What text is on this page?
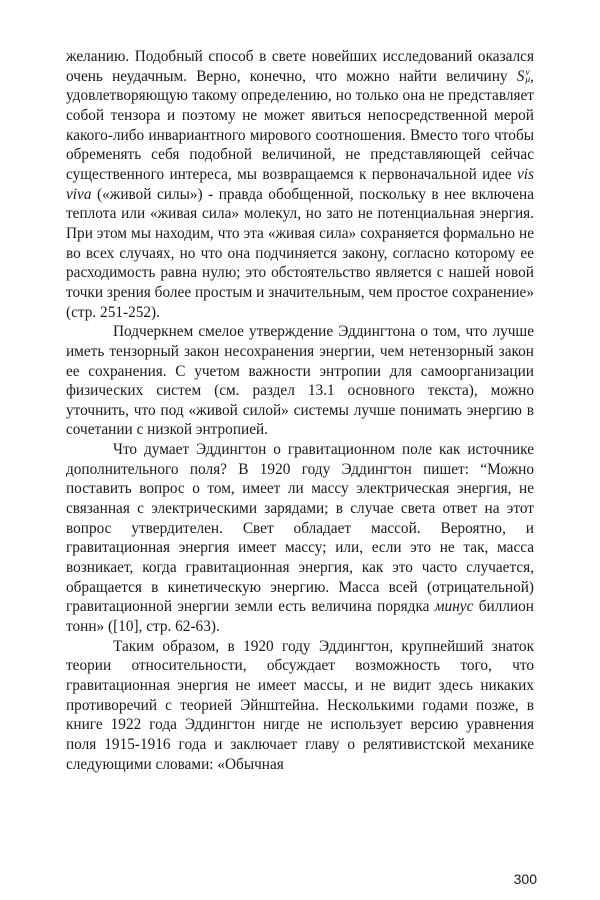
желанию. Подобный способ в свете новейших исследований оказался очень неудачным. Верно, конечно, что можно найти величину S ν
μ , удовлетворяющую такому определению, но только она не представляет собой тензора и поэтому не может явиться непосредственной мерой какого-либо инвариантного мирового соотношения. Вместо того чтобы обременять себя подобной величиной, не представляющей сейчас существенного интереса, мы возвращаемся к первоначальной идее vis viva («живой силы») - правда обобщенной, поскольку в нее включена теплота или «живая сила» молекул, но зато не потенциальная энергия. При этом мы находим, что эта «живая сила» сохраняется формально не во всех случаях, но что она подчиняется закону, согласно которому ее расходимость равна нулю; это обстоятельство является с нашей новой точки зрения более простым и значительным, чем простое сохранение» (стр. 251-252).

Подчеркнем смелое утверждение Эддингтона о том, что лучше иметь тензорный закон несохранения энергии, чем нетензорный закон ее сохранения. С учетом важности энтропии для самоорганизации физических систем (см. раздел 13.1 основного текста), можно уточнить, что под «живой силой» системы лучше понимать энергию в сочетании с низкой энтропией.

Что думает Эддингтон о гравитационном поле как источнике дополнительного поля? В 1920 году Эддингтон пишет: “Можно поставить вопрос о том, имеет ли массу электрическая энергия, не связанная с электрическими зарядами; в случае света ответ на этот вопрос утвердителен. Свет обладает массой. Вероятно, и гравитационная энергия имеет массу; или, если это не так, масса возникает, когда гравитационная энергия, как это часто случается, обращается в кинетическую энергию. Масса всей (отрицательной) гравитационной энергии земли есть величина порядка минус биллион тонн» ([10], стр. 62-63).

Таким образом, в 1920 году Эддингтон, крупнейший знаток теории относительности, обсуждает возможность того, что гравитационная энергия не имеет массы, и не видит здесь никаких противоречий с теорией Эйнштейна. Несколькими годами позже, в книге 1922 года Эддингтон нигде не использует версию уравнения поля 1915-1916 года и заключает главу о релятивистской механике следующими словами: «Обычная

300
